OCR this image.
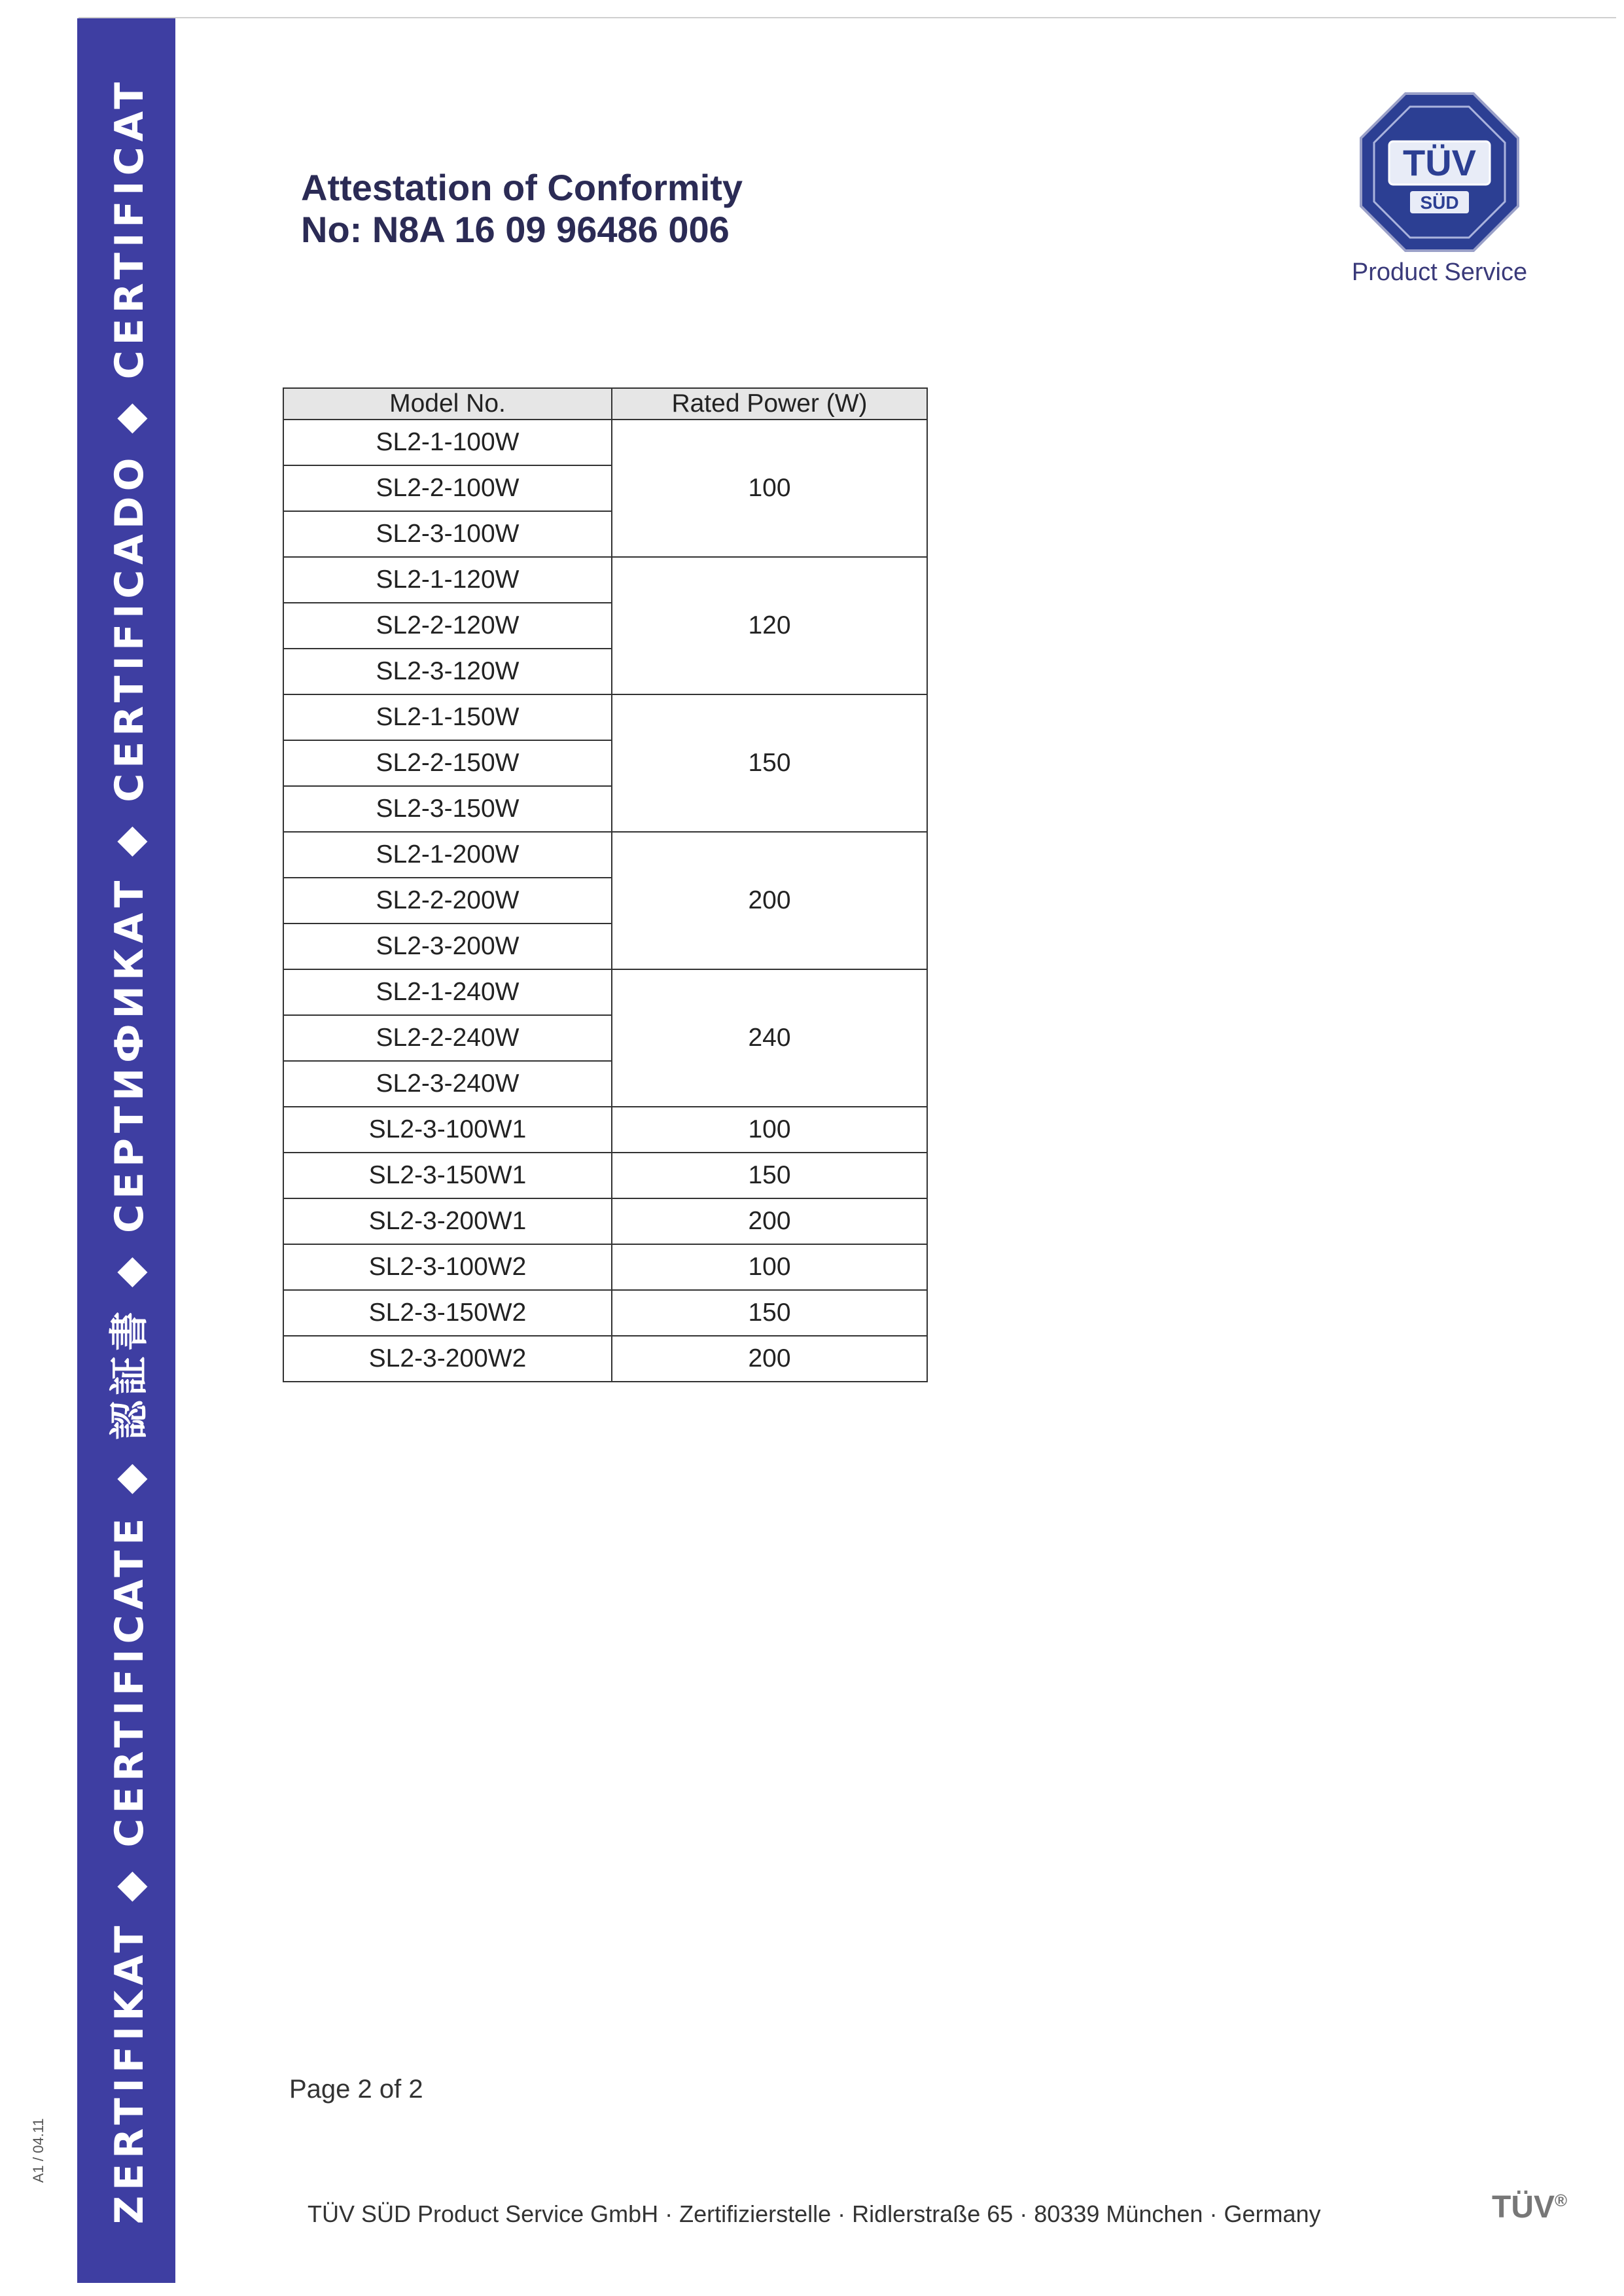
ZERTIFIKAT ◆ CERTIFICATE ◆ 認証書 ◆ СЕРТИФИКАТ ◆ CERTIFICADO ◆ CERTIFICAT
A1 / 04.11
Attestation of Conformity
No: N8A 16 09 96486 006
TÜV
SÜD
Product Service
Model No.	Rated Power (W)
SL2-1-100W	100
SL2-2-100W	
SL2-3-100W	
SL2-1-120W	120
SL2-2-120W	
SL2-3-120W	
SL2-1-150W	150
SL2-2-150W	
SL2-3-150W	
SL2-1-200W	200
SL2-2-200W	
SL2-3-200W	
SL2-1-240W	240
SL2-2-240W	
SL2-3-240W	
SL2-3-100W1	100
SL2-3-150W1	150
SL2-3-200W1	200
SL2-3-100W2	100
SL2-3-150W2	150
SL2-3-200W2	200
Page 2 of 2
TÜV SÜD Product Service GmbH · Zertifizierstelle · Ridlerstraße 65 · 80339 München · Germany	TÜV®
